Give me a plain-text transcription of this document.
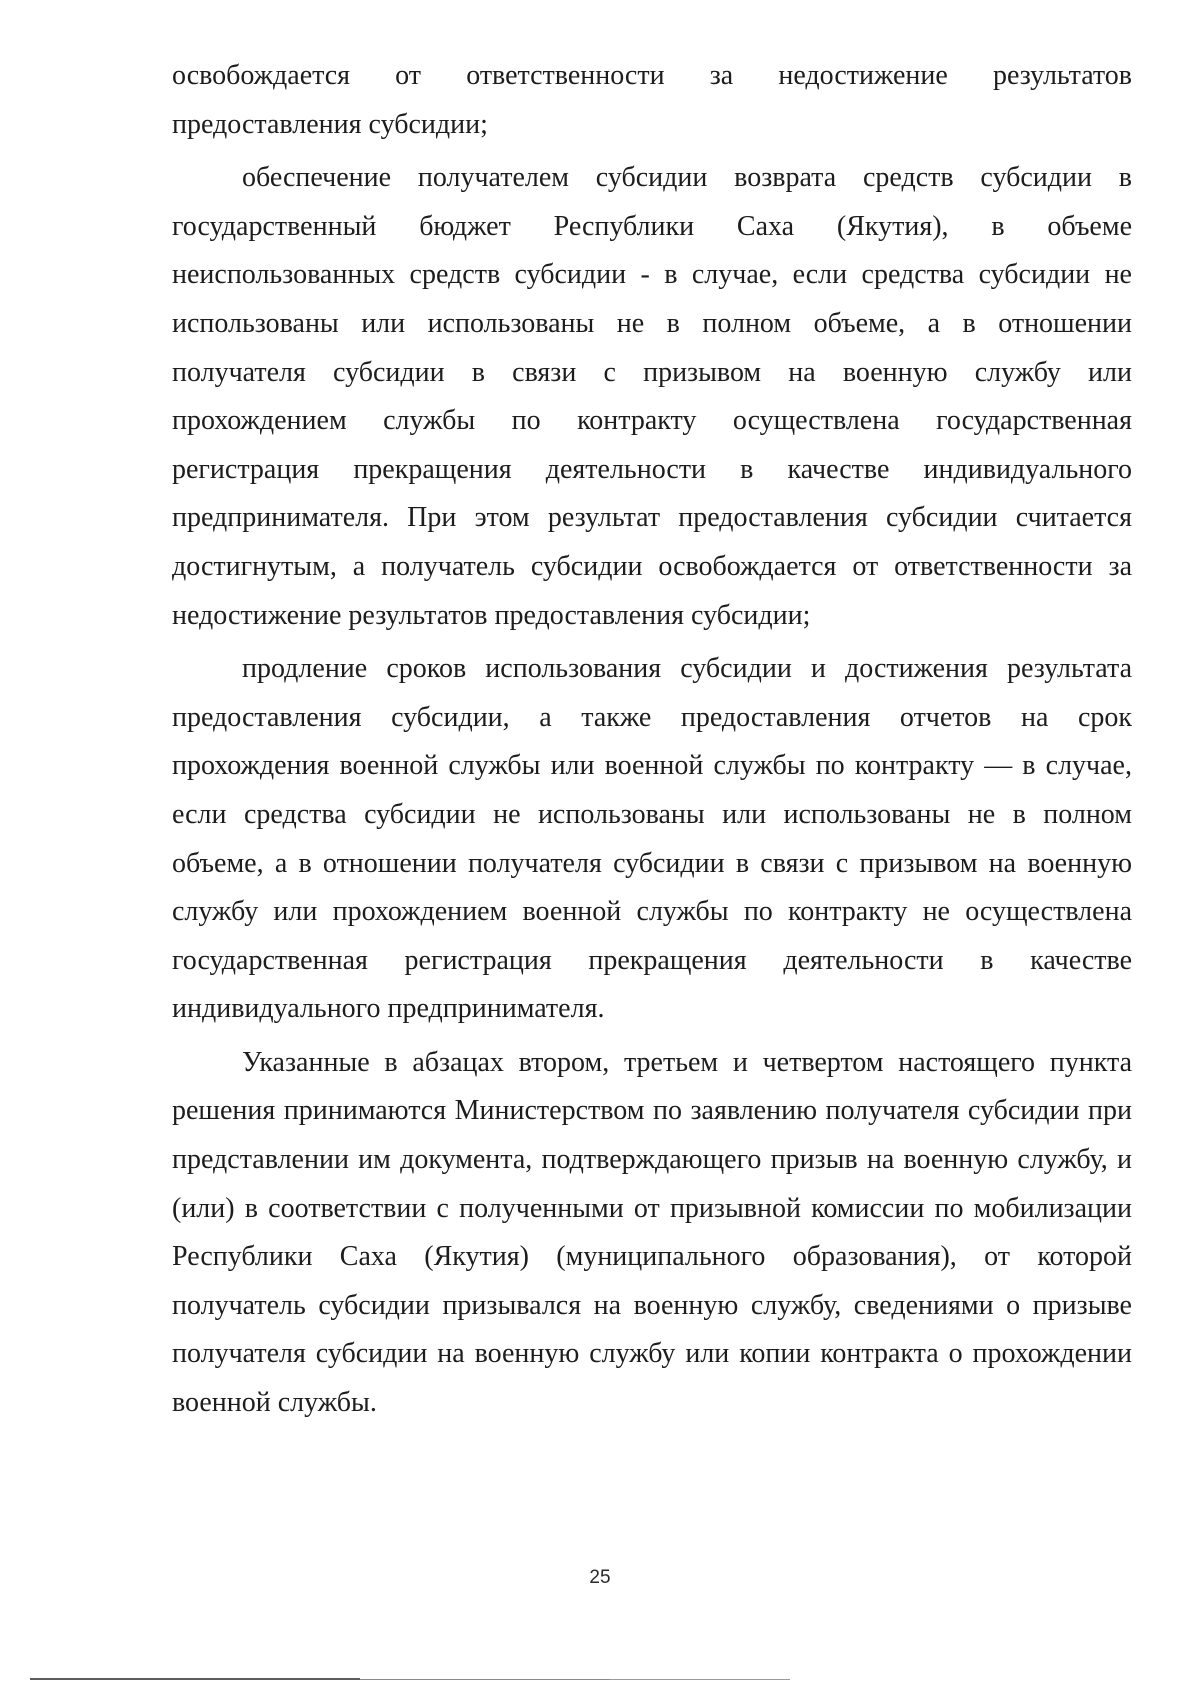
освобождается от ответственности за недостижение результатов предоставления субсидии;

обеспечение получателем субсидии возврата средств субсидии в государственный бюджет Республики Саха (Якутия), в объеме неиспользованных средств субсидии - в случае, если средства субсидии не использованы или использованы не в полном объеме, а в отношении получателя субсидии в связи с призывом на военную службу или прохождением службы по контракту осуществлена государственная регистрация прекращения деятельности в качестве индивидуального предпринимателя. При этом результат предоставления субсидии считается достигнутым, а получатель субсидии освобождается от ответственности за недостижение результатов предоставления субсидии;

продление сроков использования субсидии и достижения результата предоставления субсидии, а также предоставления отчетов на срок прохождения военной службы или военной службы по контракту — в случае, если средства субсидии не использованы или использованы не в полном объеме, а в отношении получателя субсидии в связи с призывом на военную службу или прохождением военной службы по контракту не осуществлена государственная регистрация прекращения деятельности в качестве индивидуального предпринимателя.

Указанные в абзацах втором, третьем и четвертом настоящего пункта решения принимаются Министерством по заявлению получателя субсидии при представлении им документа, подтверждающего призыв на военную службу, и (или) в соответствии с полученными от призывной комиссии по мобилизации Республики Саха (Якутия) (муниципального образования), от которой получатель субсидии призывался на военную службу, сведениями о призыве получателя субсидии на военную службу или копии контракта о прохождении военной службы.

25
